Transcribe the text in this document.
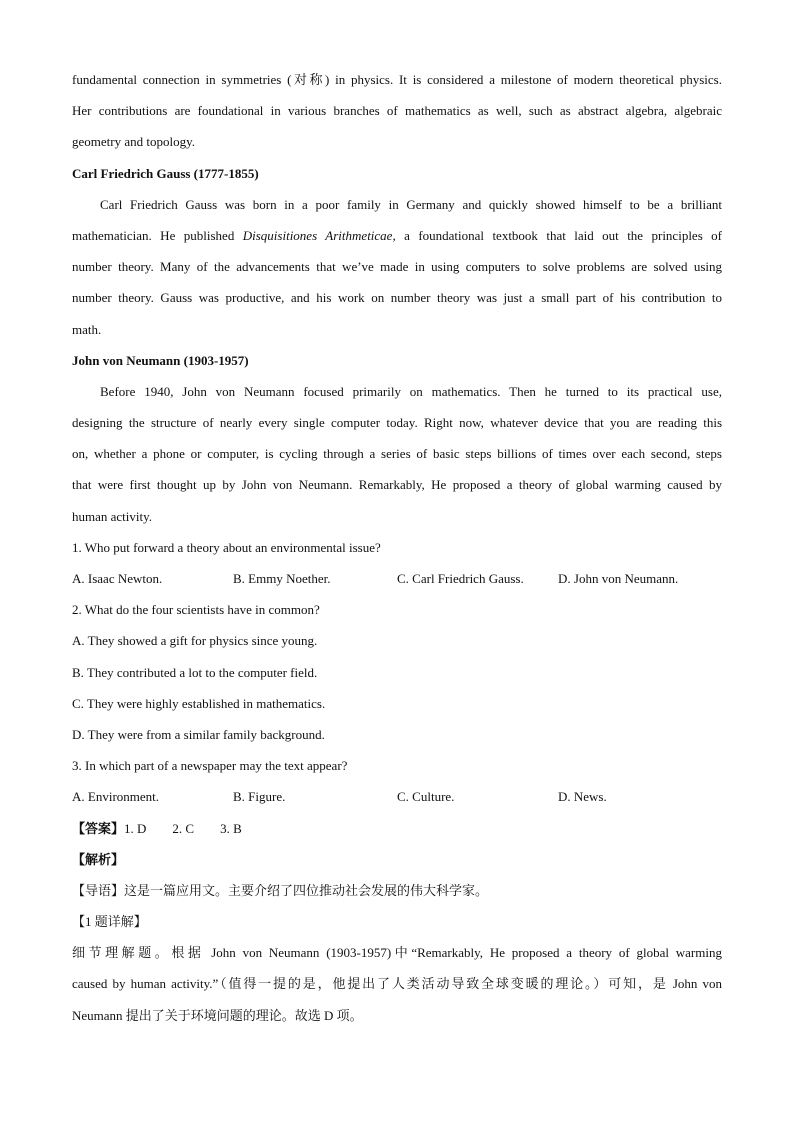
fundamental connection in symmetries (对称) in physics. It is considered a milestone of modern theoretical physics.
Her contributions are foundational in various branches of mathematics as well, such as abstract algebra, algebraic
geometry and topology.
Carl Friedrich Gauss (1777-1855)
Carl Friedrich Gauss was born in a poor family in Germany and quickly showed himself to be a brilliant
mathematician. He published Disquisitiones Arithmeticae, a foundational textbook that laid out the principles of
number theory. Many of the advancements that we’ve made in using computers to solve problems are solved using
number theory. Gauss was productive, and his work on number theory was just a small part of his contribution to
math.
John von Neumann (1903-1957)
Before 1940, John von Neumann focused primarily on mathematics. Then he turned to its practical use,
designing the structure of nearly every single computer today. Right now, whatever device that you are reading this
on, whether a phone or computer, is cycling through a series of basic steps billions of times over each second, steps
that were first thought up by John von Neumann. Remarkably, He proposed a theory of global warming caused by
human activity.
1. Who put forward a theory about an environmental issue?
A. Isaac Newton.	B. Emmy Noether.	C. Carl Friedrich Gauss.	D. John von Neumann.
2. What do the four scientists have in common?
A. They showed a gift for physics since young.
B. They contributed a lot to the computer field.
C. They were highly established in mathematics.
D. They were from a similar family background.
3. In which part of a newspaper may the text appear?
A. Environment.	B. Figure.	C. Culture.	D. News.
【答案】1. D 2. C 3. B
【解析】
【导语】这是一篇应用文。主要介绍了四位推动社会发展的伟大科学家。
【1 题详解】
细节理解题。根据 John von Neumann (1903-1957)中“Remarkably, He proposed a theory of global warming
caused by human activity.”（值得一提的是，他提出了人类活动导致全球变暖的理论。）可知，是 John von
Neumann 提出了关于环境问题的理论。故选 D 项。
